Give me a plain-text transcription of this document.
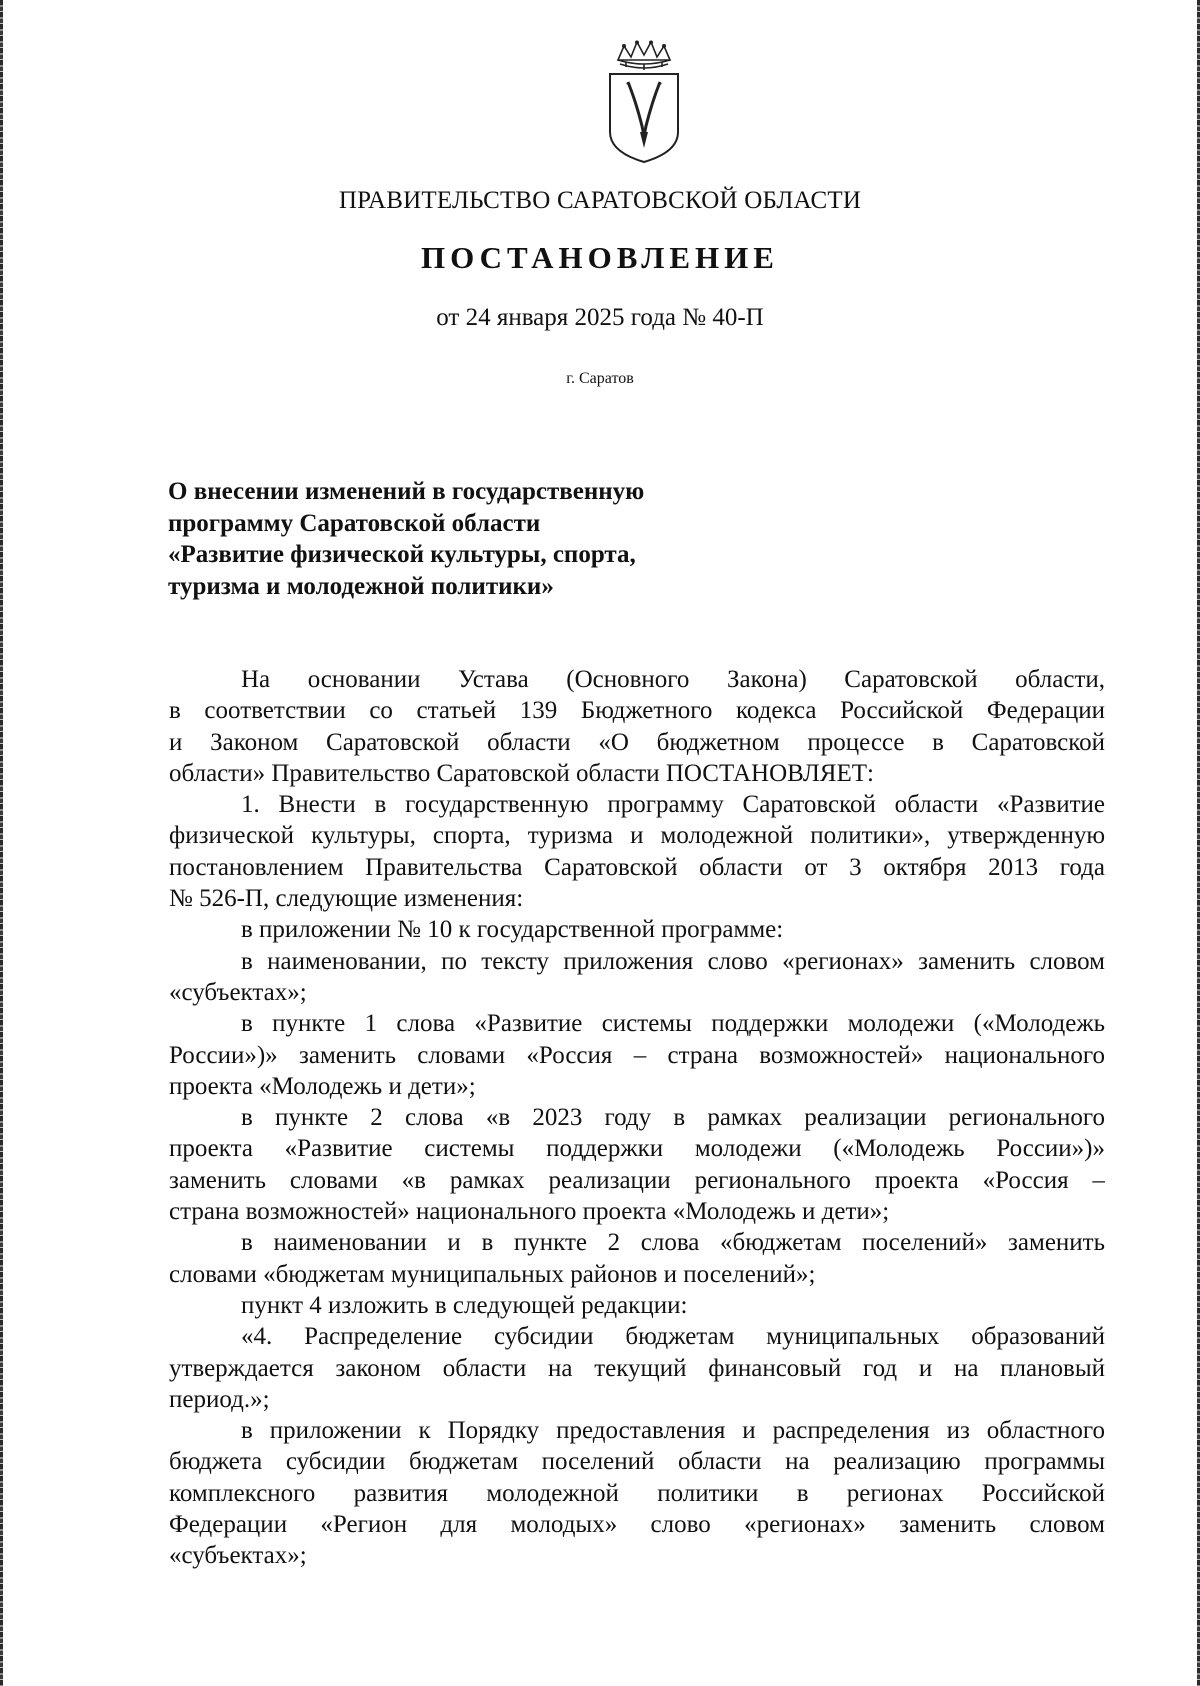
ПРАВИТЕЛЬСТВО САРАТОВСКОЙ ОБЛАСТИ
ПОСТАНОВЛЕНИЕ
от 24 января 2025 года № 40-П
г. Саратов
О внесении изменений в государственную
программу Саратовской области
«Развитие физической культуры, спорта,
туризма и молодежной политики»
На основании Устава (Основного Закона) Саратовской области,
в соответствии со статьей 139 Бюджетного кодекса Российской Федерации
и Законом Саратовской области «О бюджетном процессе в Саратовской
области» Правительство Саратовской области ПОСТАНОВЛЯЕТ:
1. Внести в государственную программу Саратовской области «Развитие
физической культуры, спорта, туризма и молодежной политики», утвержденную
постановлением Правительства Саратовской области от 3 октября 2013 года
№ 526-П, следующие изменения:
в приложении № 10 к государственной программе:
в наименовании, по тексту приложения слово «регионах» заменить словом
«субъектах»;
в пункте 1 слова «Развитие системы поддержки молодежи («Молодежь
России»)» заменить словами «Россия – страна возможностей» национального
проекта «Молодежь и дети»;
в пункте 2 слова «в 2023 году в рамках реализации регионального
проекта «Развитие системы поддержки молодежи («Молодежь России»)»
заменить словами «в рамках реализации регионального проекта «Россия –
страна возможностей» национального проекта «Молодежь и дети»;
в наименовании и в пункте 2 слова «бюджетам поселений» заменить
словами «бюджетам муниципальных районов и поселений»;
пункт 4 изложить в следующей редакции:
«4. Распределение субсидии бюджетам муниципальных образований
утверждается законом области на текущий финансовый год и на плановый
период.»;
в приложении к Порядку предоставления и распределения из областного
бюджета субсидии бюджетам поселений области на реализацию программы
комплексного развития молодежной политики в регионах Российской
Федерации «Регион для молодых» слово «регионах» заменить словом
«субъектах»;
